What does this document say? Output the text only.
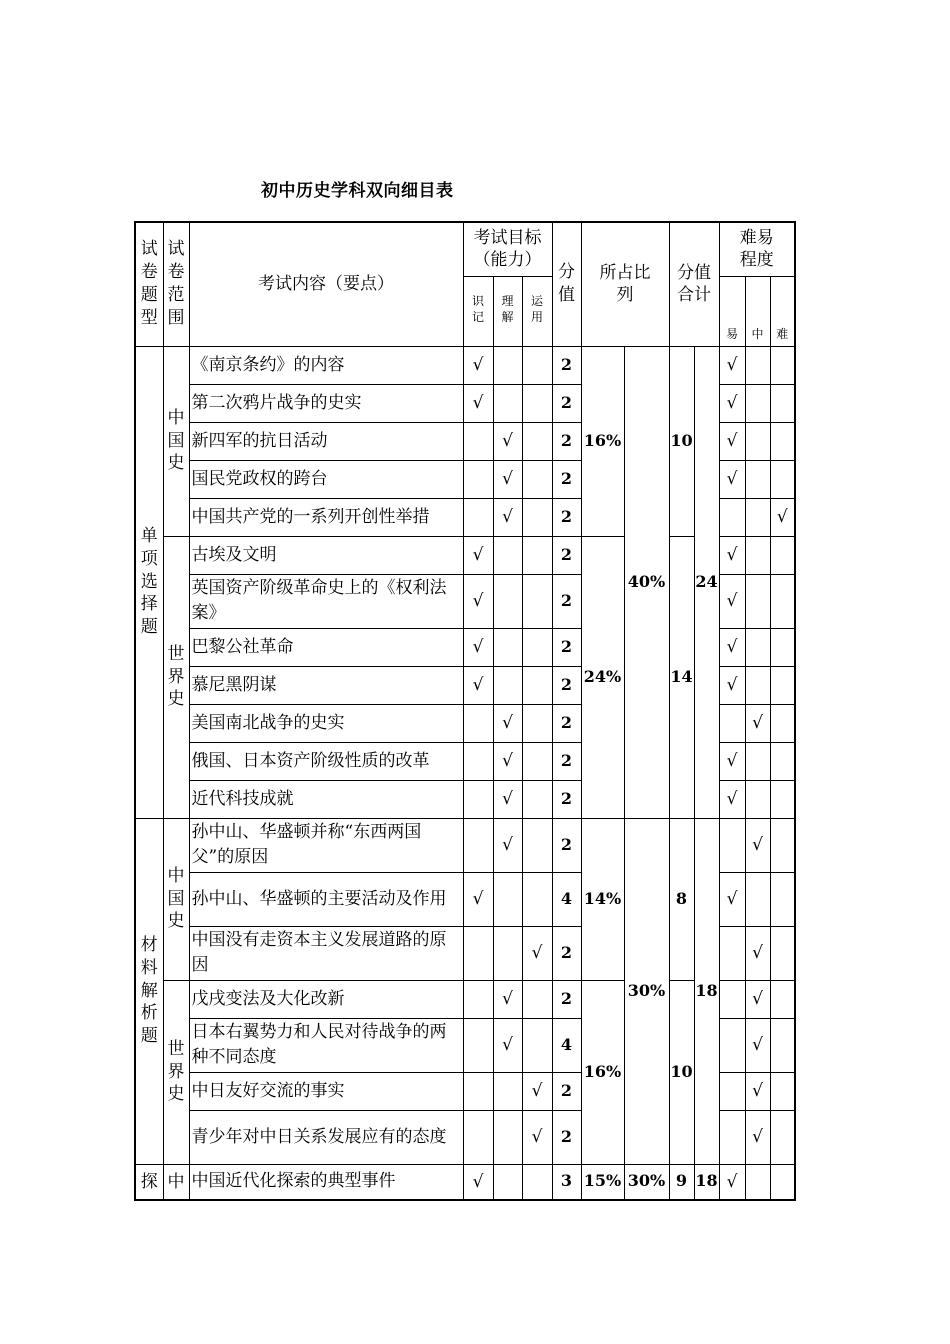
初中历史学科双向细目表
试卷题型	试卷范围	考试内容（要点）	考试目标（能力）			分值	所占比列		分值合计		难易程度		
			识记	理解	运用						易	中	难
单项选择题	中国史	《南京条约》的内容	√			2	16%	40%	10	24	√		
		第二次鸦片战争的史实	√			2					√		
		新四军的抗日活动		√		2					√		
		国民党政权的跨台		√		2					√		
		中国共产党的一系列开创性举措		√		2							√
	世界史	古埃及文明	√			2	24%		14		√		
		英国资产阶级革命史上的《权利法案》	√			2					√		
		巴黎公社革命	√			2					√		
		慕尼黑阴谋	√			2					√		
		美国南北战争的史实		√		2						√	
		俄国、日本资产阶级性质的改革		√		2					√		
		近代科技成就		√		2					√		
材料解析题	中国史	孙中山、华盛顿并称“东西两国父”的原因		√		2	14%	30%	8	18		√	
		孙中山、华盛顿的主要活动及作用	√			4					√		
		中国没有走资本主义发展道路的原因			√	2						√	
	世界史	戊戌变法及大化改新		√		2	16%		10			√	
		日本右翼势力和人民对待战争的两种不同态度		√		4						√	
		中日友好交流的事实			√	2						√	
		青少年对中日关系发展应有的态度			√	2						√	
探	中	中国近代化探索的典型事件	√			3	15%	30%	9	18	√		
